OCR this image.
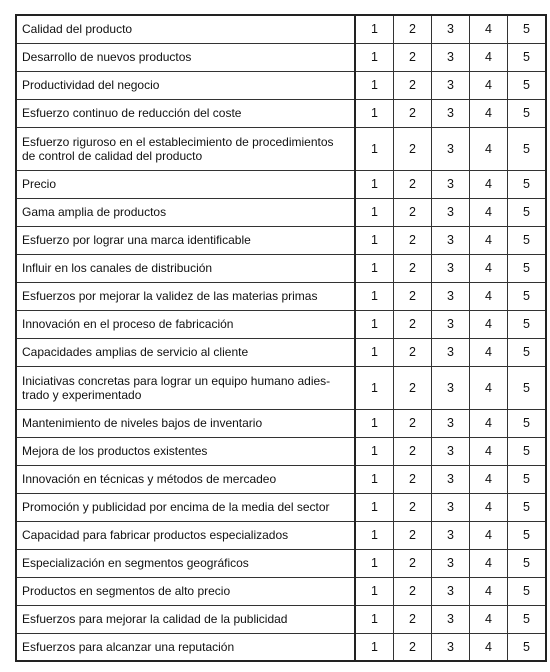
Calidad del producto	1	2	3	4	5
Desarrollo de nuevos productos	1	2	3	4	5
Productividad del negocio	1	2	3	4	5
Esfuerzo continuo de reducción del coste	1	2	3	4	5
Esfuerzo riguroso en el establecimiento de procedimientos de control de calidad del producto	1	2	3	4	5
Precio	1	2	3	4	5
Gama amplia de productos	1	2	3	4	5
Esfuerzo por lograr una marca identificable	1	2	3	4	5
Influir en los canales de distribución	1	2	3	4	5
Esfuerzos por mejorar la validez de las materias primas	1	2	3	4	5
Innovación en el proceso de fabricación	1	2	3	4	5
Capacidades amplias de servicio al cliente	1	2	3	4	5
Iniciativas concretas para lograr un equipo humano adies-trado y experimentado	1	2	3	4	5
Mantenimiento de niveles bajos de inventario	1	2	3	4	5
Mejora de los productos existentes	1	2	3	4	5
Innovación en técnicas y métodos de mercadeo	1	2	3	4	5
Promoción y publicidad por encima de la media del sector	1	2	3	4	5
Capacidad para fabricar productos especializados	1	2	3	4	5
Especialización en segmentos geográficos	1	2	3	4	5
Productos en segmentos de alto precio	1	2	3	4	5
Esfuerzos para mejorar la calidad de la publicidad	1	2	3	4	5
Esfuerzos para alcanzar una reputación	1	2	3	4	5
